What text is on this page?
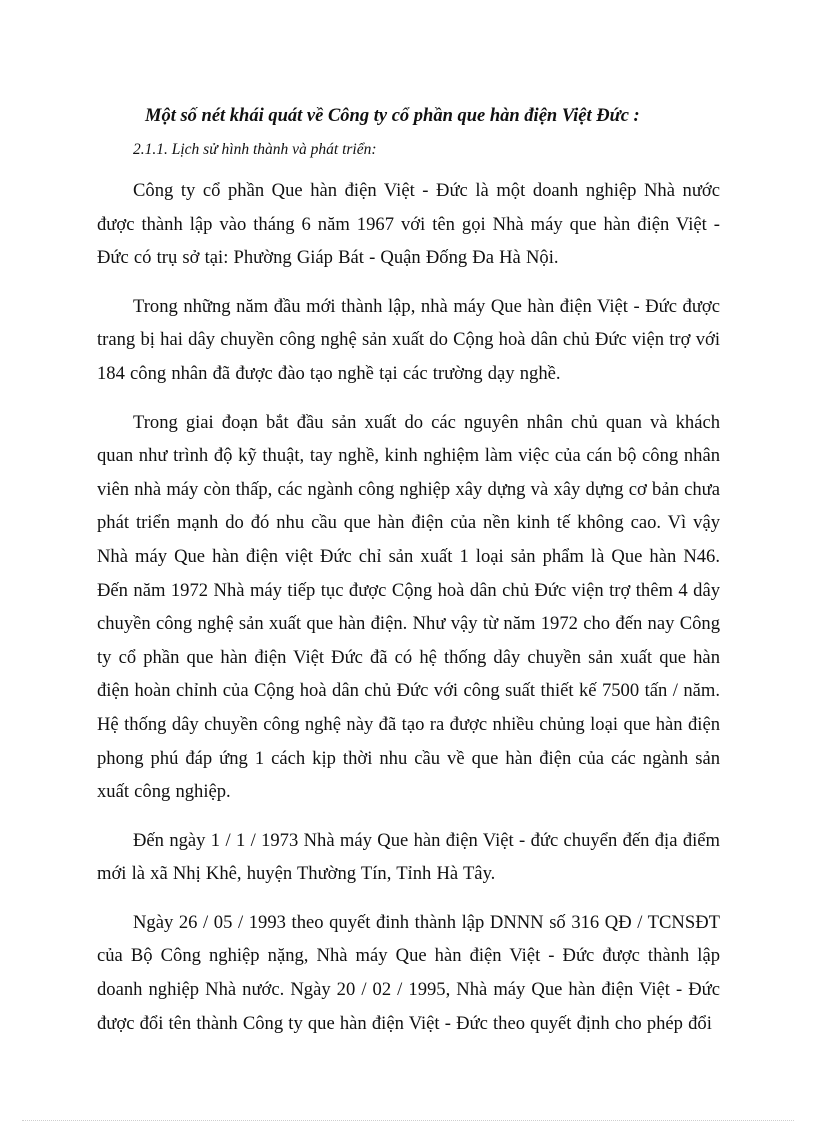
Một số nét khái quát về Công ty cổ phần que hàn điện Việt Đức :
2.1.1. Lịch sử hình thành và phát triển:

Công ty cổ phần Que hàn điện Việt - Đức là một doanh nghiệp Nhà nước được thành lập vào tháng 6 năm 1967 với tên gọi Nhà máy que hàn điện Việt - Đức có trụ sở tại: Phường Giáp Bát - Quận Đống Đa Hà Nội.

Trong những năm đầu mới thành lập, nhà máy Que hàn điện Việt - Đức được trang bị hai dây chuyền công nghệ sản xuất do Cộng hoà dân chủ Đức viện trợ với 184 công nhân đã được đào tạo nghề tại các trường dạy nghề.

Trong giai đoạn bắt đầu sản xuất do các nguyên nhân chủ quan và khách quan như trình độ kỹ thuật, tay nghề, kinh nghiệm làm việc của cán bộ công nhân viên nhà máy còn thấp, các ngành công nghiệp xây dựng và xây dựng cơ bản chưa phát triển mạnh do đó nhu cầu que hàn điện của nền kinh tế không cao. Vì vậy Nhà máy Que hàn điện việt Đức chỉ sản xuất 1 loại sản phẩm là Que hàn N46. Đến năm 1972 Nhà máy tiếp tục được Cộng hoà dân chủ Đức viện trợ thêm 4 dây chuyền công nghệ sản xuất que hàn điện. Như vậy từ năm 1972 cho đến nay Công ty cổ phần que hàn điện Việt Đức đã có hệ thống dây chuyền sản xuất que hàn điện hoàn chỉnh của Cộng hoà dân chủ Đức với công suất thiết kế 7500 tấn / năm. Hệ thống dây chuyền công nghệ này đã tạo ra được nhiều chủng loại que hàn điện phong phú đáp ứng 1 cách kịp thời nhu cầu về que hàn điện của các ngành sản xuất công nghiệp.

Đến ngày 1 / 1 / 1973 Nhà máy Que hàn điện Việt - đức chuyển đến địa điểm mới là xã Nhị Khê, huyện Thường Tín, Tỉnh Hà Tây.

Ngày 26 / 05 / 1993 theo quyết đinh thành lập DNNN số 316 QĐ / TCNSĐT của Bộ Công nghiệp nặng, Nhà máy Que hàn điện Việt - Đức được thành lập doanh nghiệp Nhà nước. Ngày 20 / 02 / 1995, Nhà máy Que hàn điện Việt - Đức được đổi tên thành Công ty que hàn điện Việt - Đức theo quyết định cho phép đổi
